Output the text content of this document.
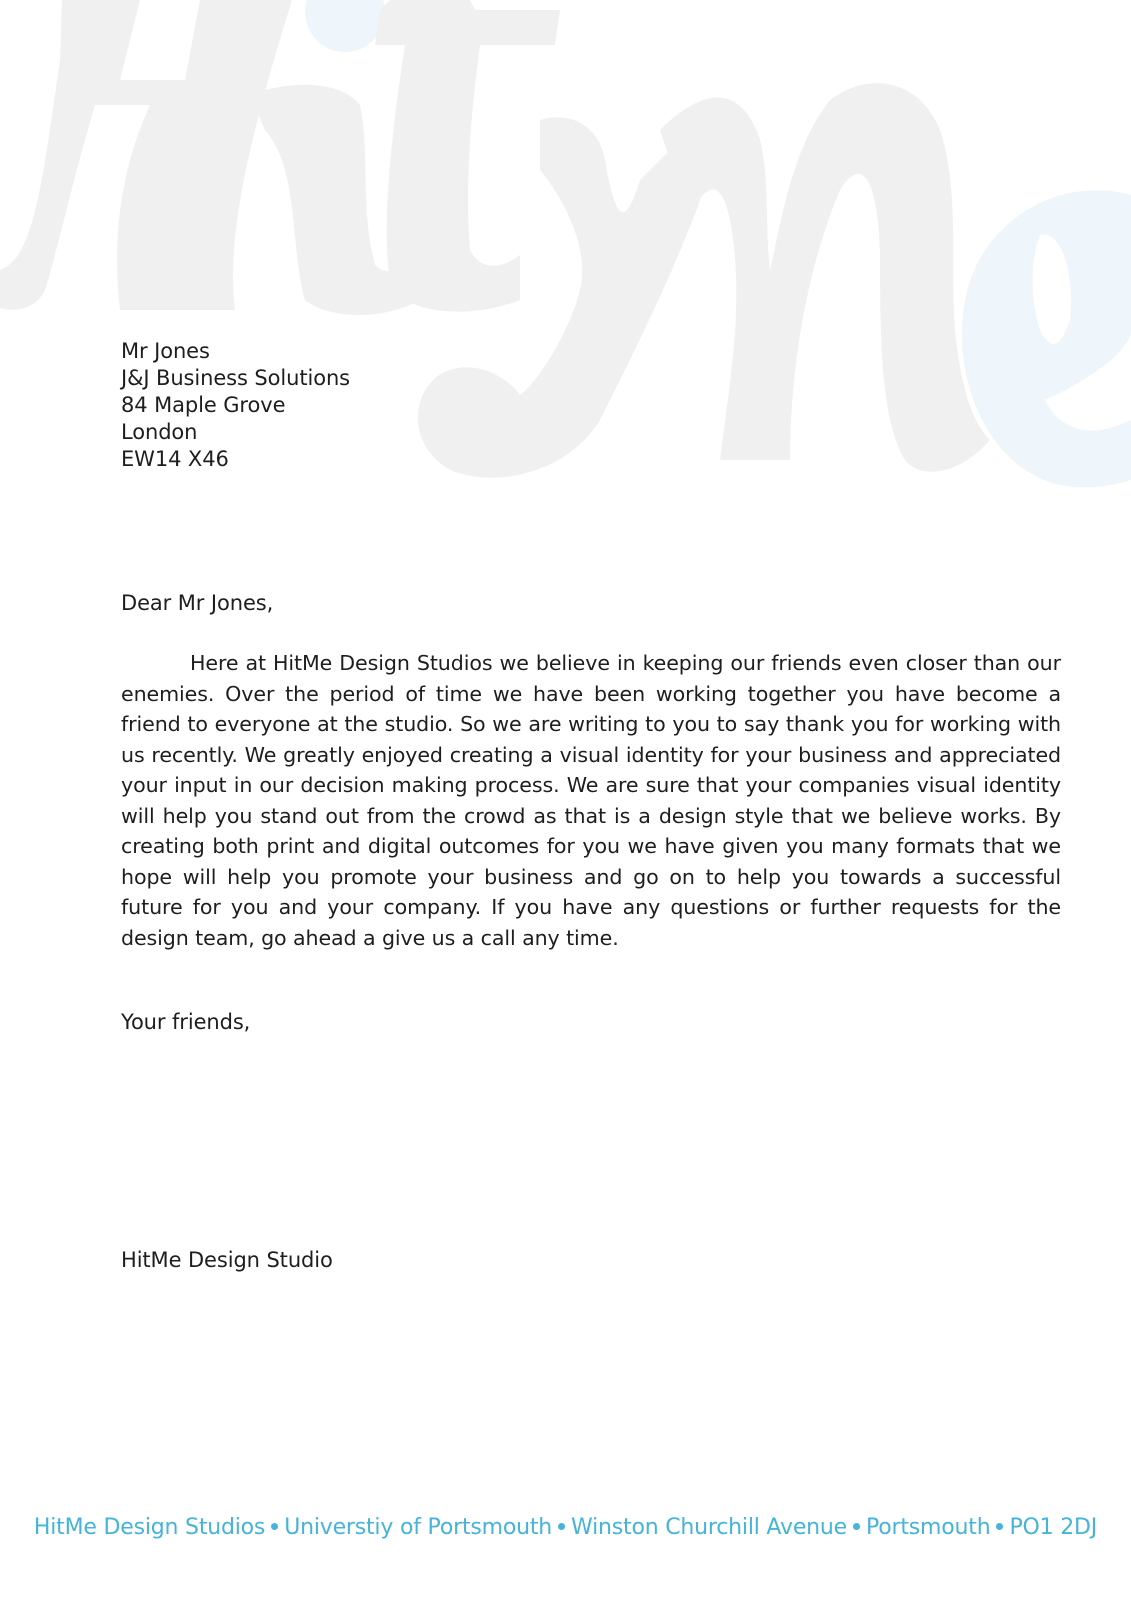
Mr Jones
J&J Business Solutions
84 Maple Grove
London
EW14 X46
Dear Mr Jones,

Here at HitMe Design Studios we believe in keeping our friends even closer than our enemies. Over the period of time we have been working together you have become a friend to everyone at the studio. So we are writing to you to say thank you for working with us recently. We greatly enjoyed creating a visual identity for your business and appreciated your input in our decision making process. We are sure that your companies visual identity will help you stand out from the crowd as that is a design style that we believe works. By creating both print and digital outcomes for you we have given you many formats that we hope will help you promote your business and go on to help you towards a successful future for you and your company. If you have any questions or further requests for the design team, go ahead a give us a call any time.

Your friends,
HitMe Design Studio
HitMe Design Studios Universtiy of Portsmouth Winston Churchill Avenue Portsmouth PO1 2DJ
